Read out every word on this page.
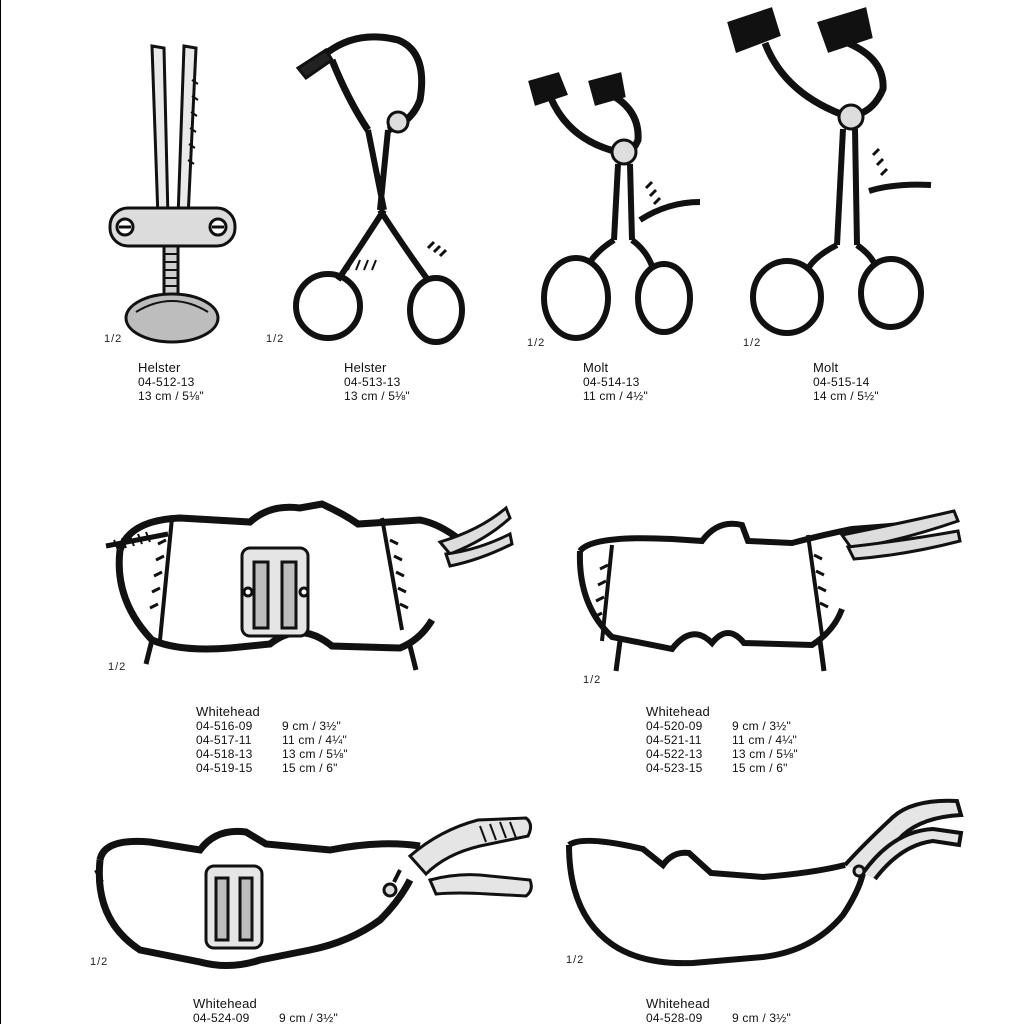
1/2	1/2	1/2	1/2
Helster
04-512-13
13 cm / 5⅛"
Helster
04-513-13
13 cm / 5⅛"
Molt
04-514-13
11 cm / 4½"
Molt
04-515-14
14 cm / 5½"
1/2
1/2
Whitehead
04-516-09 9 cm / 3½"
04-517-11	11 cm / 4¼"
04-518-13 13 cm / 5⅛"
04-519-15 15 cm / 6"
Whitehead
04-520-09 9 cm / 3½"
04-521-11	11 cm / 4¼"
04-522-13 13 cm / 5⅛"
04-523-15 15 cm / 6"
1/2	1/2
Whitehead
04-524-09 9 cm / 3½"
Whitehead
04-528-09 9 cm / 3½"
